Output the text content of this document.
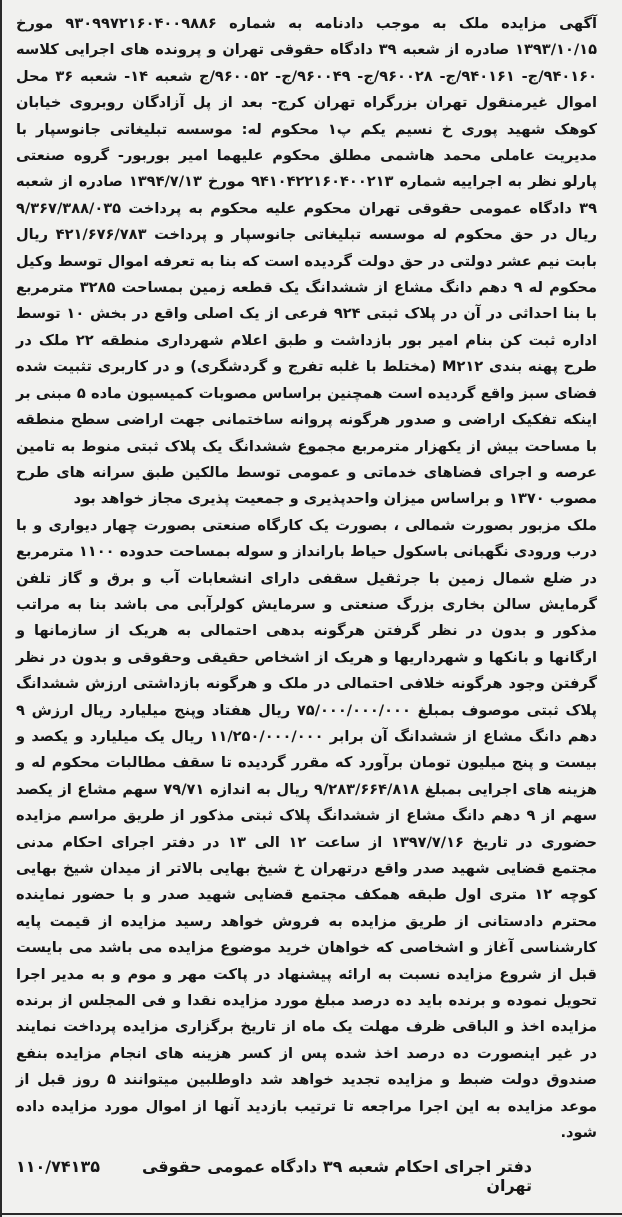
آگهی مزایده ملک به موجب دادنامه به شماره ۹۳۰۹۹۷۲۱۶۰۴۰۰۹۸۸۶ مورخ ۱۳۹۳/۱۰/۱۵ صادره از شعبه ۳۹ دادگاه حقوقی تهران و پرونده های اجرایی کلاسه ۹۴۰۱۶۰/ج- ۹۴۰۱۶۱/ج- ۹۶۰۰۲۸/ج- ۹۶۰۰۴۹/ج- ۹۶۰۰۵۲/ج شعبه ۱۴- شعبه ۳۶ محل اموال غیرمنقول تهران بزرگراه تهران کرج- بعد از پل آزادگان روبروی خیابان کوهک شهید پوری خ نسیم یکم پ۱ محکوم له: موسسه تبلیغاتی جانوسپار با مدیریت عاملی محمد هاشمی مطلق محکوم علیهما امیر بوربور- گروه صنعتی پارلو نظر به اجراییه شماره ۹۴۱۰۴۲۲۱۶۰۴۰۰۲۱۳ مورخ ۱۳۹۴/۷/۱۳ صادره از شعبه ۳۹ دادگاه عمومی حقوقی تهران محکوم علیه محکوم به پرداخت ۹/۳۶۷/۳۸۸/۰۳۵ ریال در حق محکوم له موسسه تبلیغاتی جانوسپار و پرداخت ۴۲۱/۶۷۶/۷۸۳ ریال بابت نیم عشر دولتی در حق دولت گردیده است که بنا به تعرفه اموال توسط وکیل محکوم له ۹ دهم دانگ مشاع از ششدانگ یک قطعه زمین بمساحت ۳۲۸۵ مترمربع با بنا احداثی در آن در پلاک ثبتی ۹۲۴ فرعی از یک اصلی واقع در بخش ۱۰ توسط اداره ثبت کن بنام امیر بور بازداشت و طبق اعلام شهرداری منطقه ۲۲ ملک در طرح پهنه بندی M۲۱۲ (مختلط با غلبه تفرج و گردشگری) و در کاربری تثبیت شده فضای سبز واقع گردیده است همچنین براساس مصوبات کمیسیون ماده ۵ مبنی بر اینکه تفکیک اراضی و صدور هرگونه پروانه ساختمانی جهت اراضی سطح منطقه با مساحت بیش از یکهزار مترمربع مجموع ششدانگ یک پلاک ثبتی منوط به تامین عرصه و اجرای فضاهای خدماتی و عمومی توسط مالکین طبق سرانه های طرح مصوب ۱۳۷۰ و براساس میزان واحدپذیری و جمعیت پذیری مجاز خواهد بود

ملک مزبور بصورت شمالی ، بصورت یک کارگاه صنعتی بصورت چهار دیواری و با درب ورودی نگهبانی باسکول حیاط بارانداز و سوله بمساحت حدوده ۱۱۰۰ مترمربع در ضلع شمال زمین با جرثقیل سقفی دارای انشعابات آب و برق و گاز تلفن گرمایش سالن بخاری بزرگ صنعتی و سرمایش کولرآبی می باشد بنا به مراتب مذکور و بدون در نظر گرفتن هرگونه بدهی احتمالی به هریک از سازمانها و ارگانها و بانکها و شهرداریها و هریک از اشخاص حقیقی وحقوقی و بدون در نظر گرفتن وجود هرگونه خلافی احتمالی در ملک و هرگونه بازداشتی ارزش ششدانگ پلاک ثبتی موصوف بمبلغ ۷۵/۰۰۰/۰۰۰/۰۰۰ ریال هفتاد وپنج میلیارد ریال ارزش ۹ دهم دانگ مشاع از ششدانگ آن برابر ۱۱/۲۵۰/۰۰۰/۰۰۰ ریال یک میلیارد و یکصد و بیست و پنج میلیون تومان برآورد که مقرر گردیده تا سقف مطالبات محکوم له و هزینه های اجرایی بمبلغ ۹/۲۸۳/۶۶۴/۸۱۸ ریال به اندازه ۷۹/۷۱ سهم مشاع از یکصد سهم از ۹ دهم دانگ مشاع از ششدانگ پلاک ثبتی مذکور از طریق مراسم مزایده حضوری در تاریخ ۱۳۹۷/۷/۱۶ از ساعت ۱۲ الی ۱۳ در دفتر اجرای احکام مدنی مجتمع قضایی شهید صدر واقع درتهران خ شیخ بهایی بالاتر از میدان شیخ بهایی کوچه ۱۲ متری اول طبقه همکف مجتمع قضایی شهید صدر و با حضور نماینده محترم دادستانی از طریق مزایده به فروش خواهد رسید مزایده از قیمت پایه کارشناسی آغاز و اشخاصی که خواهان خرید موضوع مزایده می باشد می بایست قبل از شروع مزایده نسبت به ارائه پیشنهاد در پاکت مهر و موم و به مدیر اجرا تحویل نموده و برنده باید ده درصد مبلغ مورد مزایده نقدا و فی المجلس از برنده مزایده اخذ و الباقی ظرف مهلت یک ماه از تاریخ برگزاری مزایده پرداخت نمایند در غیر اینصورت ده درصد اخذ شده پس از کسر هزینه های انجام مزایده بنفع صندوق دولت ضبط و مزایده تجدید خواهد شد داوطلبین میتوانند ۵ روز قبل از موعد مزایده به این اجرا مراجعه تا ترتیب بازدید آنها از اموال مورد مزایده داده شود.

دفتر اجرای احکام شعبه ۳۹ دادگاه عمومی حقوقی تهران
۱۱۰/۷۴۱۳۵
